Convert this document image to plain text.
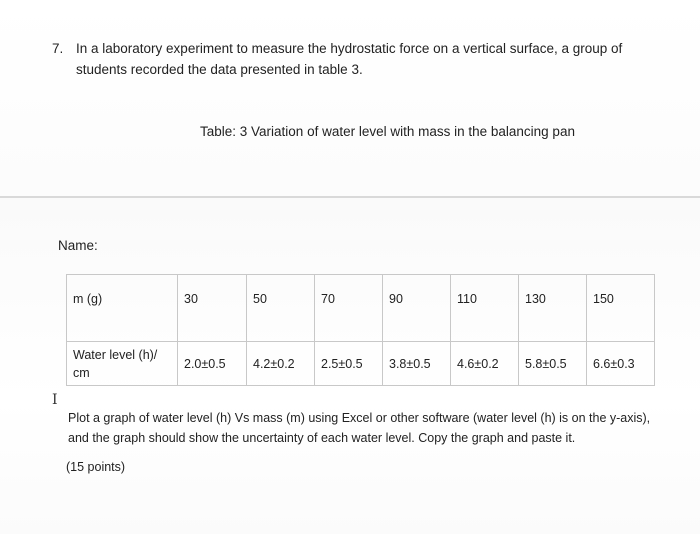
7. In a laboratory experiment to measure the hydrostatic force on a vertical surface, a group of students recorded the data presented in table 3.
Table: 3 Variation of water level with mass in the balancing pan
Name:
m (g)	30	50	70	90	110	130	150
Water level (h)/ cm	2.0±0.5	4.2±0.2	2.5±0.5	3.8±0.5	4.6±0.2	5.8±0.5	6.6±0.3
I
Plot a graph of water level (h) Vs mass (m) using Excel or other software (water level (h) is on the y-axis), and the graph should show the uncertainty of each water level. Copy the graph and paste it.
(15 points)
